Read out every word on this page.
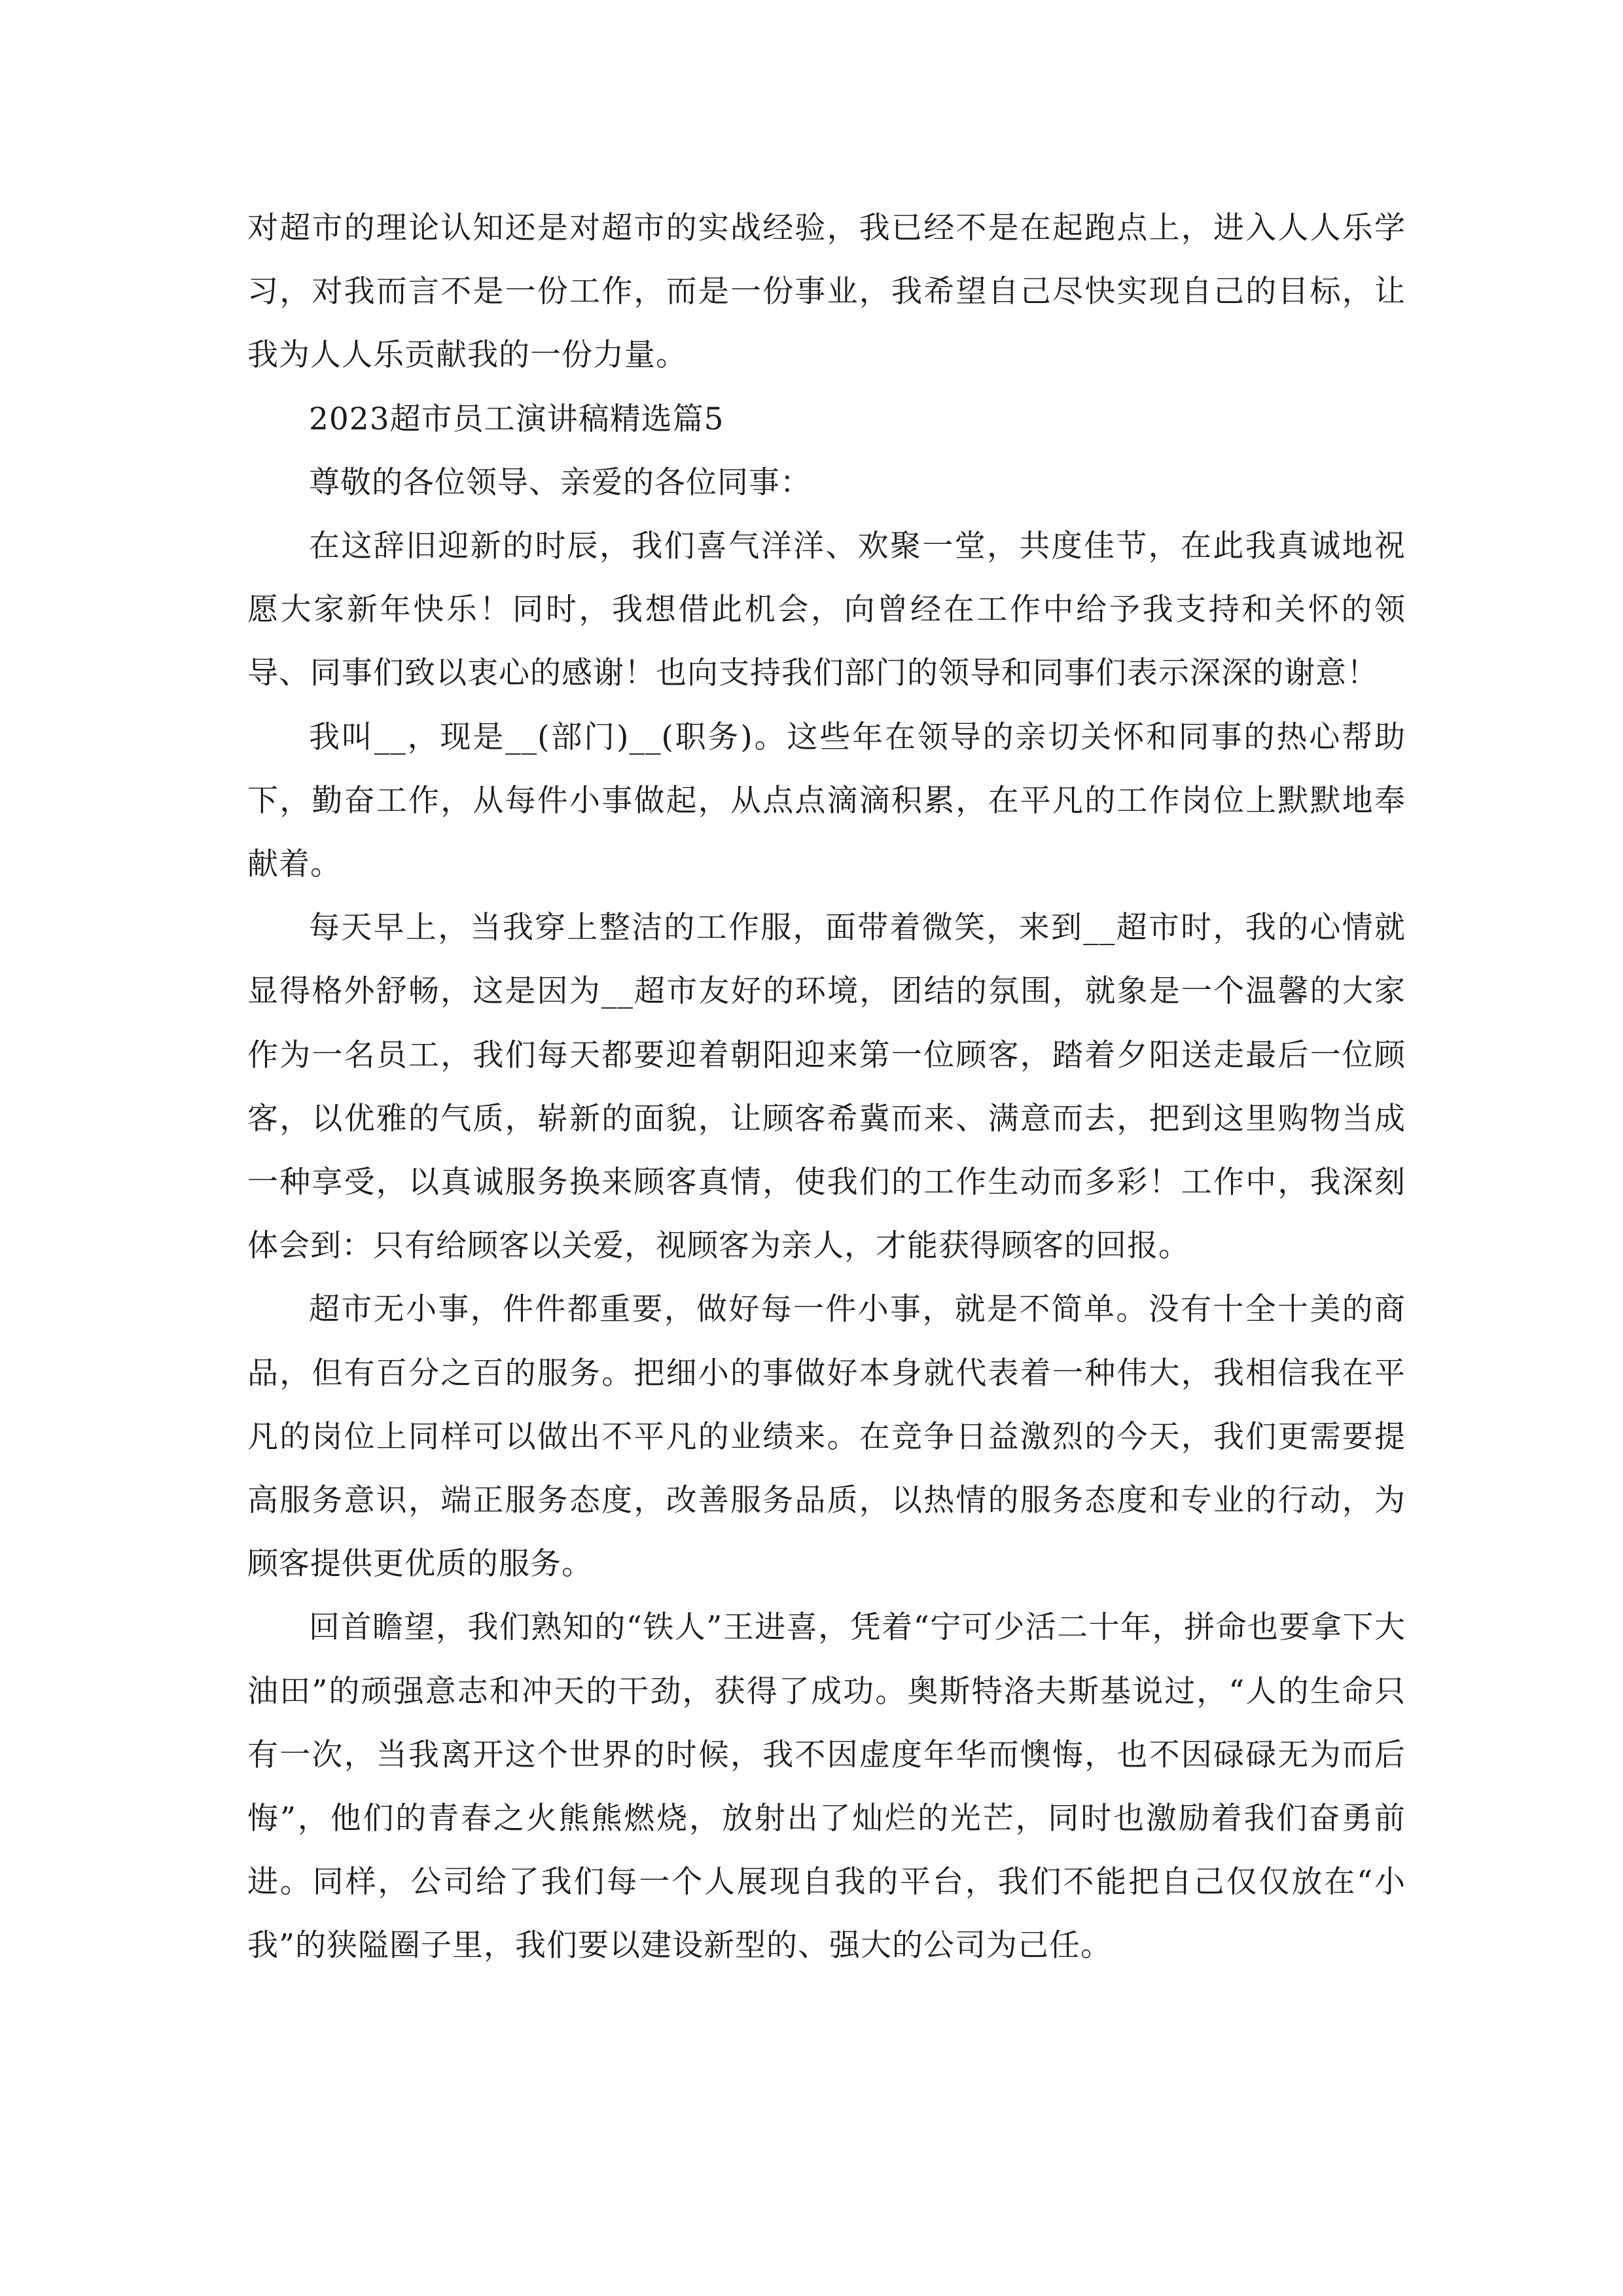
对超市的理论认知还是对超市的实战经验，我已经不是在起跑点上，进入人人乐学习，对我而言不是一份工作，而是一份事业，我希望自己尽快实现自己的目标，让我为人人乐贡献我的一份力量。

2023超市员工演讲稿精选篇5

尊敬的各位领导、亲爱的各位同事：

在这辞旧迎新的时辰，我们喜气洋洋、欢聚一堂，共度佳节，在此我真诚地祝愿大家新年快乐！同时，我想借此机会，向曾经在工作中给予我支持和关怀的领导、同事们致以衷心的感谢！也向支持我们部门的领导和同事们表示深深的谢意！

我叫__，现是__(部门)__(职务)。这些年在领导的亲切关怀和同事的热心帮助下，勤奋工作，从每件小事做起，从点点滴滴积累，在平凡的工作岗位上默默地奉献着。

每天早上，当我穿上整洁的工作服，面带着微笑，来到__超市时，我的心情就显得格外舒畅，这是因为__超市友好的环境，团结的氛围，就象是一个温馨的大家作为一名员工，我们每天都要迎着朝阳迎来第一位顾客，踏着夕阳送走最后一位顾客，以优雅的气质，崭新的面貌，让顾客希冀而来、满意而去，把到这里购物当成一种享受，以真诚服务换来顾客真情，使我们的工作生动而多彩！工作中，我深刻体会到：只有给顾客以关爱，视顾客为亲人，才能获得顾客的回报。

超市无小事，件件都重要，做好每一件小事，就是不简单。没有十全十美的商品，但有百分之百的服务。把细小的事做好本身就代表着一种伟大，我相信我在平凡的岗位上同样可以做出不平凡的业绩来。在竞争日益激烈的今天，我们更需要提高服务意识，端正服务态度，改善服务品质，以热情的服务态度和专业的行动，为顾客提供更优质的服务。

回首瞻望，我们熟知的“铁人”王进喜，凭着“宁可少活二十年，拼命也要拿下大油田”的顽强意志和冲天的干劲，获得了成功。奥斯特洛夫斯基说过，“人的生命只有一次，当我离开这个世界的时候，我不因虚度年华而懊悔，也不因碌碌无为而后悔”，他们的青春之火熊熊燃烧，放射出了灿烂的光芒，同时也激励着我们奋勇前进。同样，公司给了我们每一个人展现自我的平台，我们不能把自己仅仅放在“小我”的狭隘圈子里，我们要以建设新型的、强大的公司为己任。
